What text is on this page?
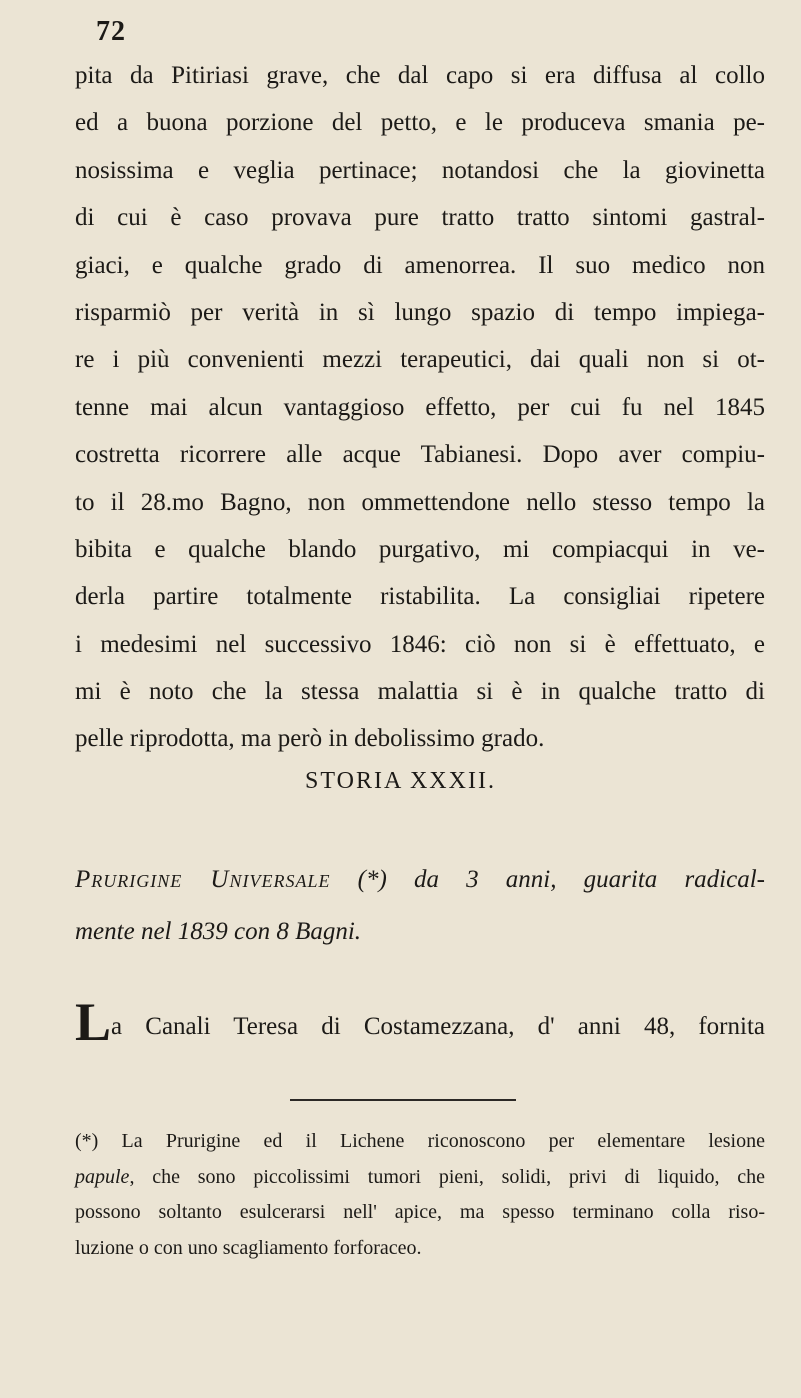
72
pita da Pitiriasi grave, che dal capo si era diffusa al collo
ed a buona porzione del petto, e le produceva smania pe-
nosissima e veglia pertinace; notandosi che la giovinetta
di cui è caso provava pure tratto tratto sintomi gastral-
giaci, e qualche grado di amenorrea. Il suo medico non
risparmiò per verità in sì lungo spazio di tempo impiega-
re i più convenienti mezzi terapeutici, dai quali non si ot-
tenne mai alcun vantaggioso effetto, per cui fu nel 1845
costretta ricorrere alle acque Tabianesi. Dopo aver compiu-
to il 28.mo Bagno, non ommettendone nello stesso tempo la
bibita e qualche blando purgativo, mi compiacqui in ve-
derla partire totalmente ristabilita. La consigliai ripetere
i medesimi nel successivo 1846: ciò non si è effettuato, e
mi è noto che la stessa malattia si è in qualche tratto di
pelle riprodotta, ma però in debolissimo grado.
STORIA XXXII.
Prurigine Universale (*) da 3 anni, guarita radical-
mente nel 1839 con 8 Bagni.
La Canali Teresa di Costamezzana, d' anni 48, fornita
(*) La Prurigine ed il Lichene riconoscono per elementare lesione
papule, che sono piccolissimi tumori pieni, solidi, privi di liquido, che
possono soltanto esulcerarsi nell' apice, ma spesso terminano colla riso-
luzione o con uno scagliamento forforaceo.
